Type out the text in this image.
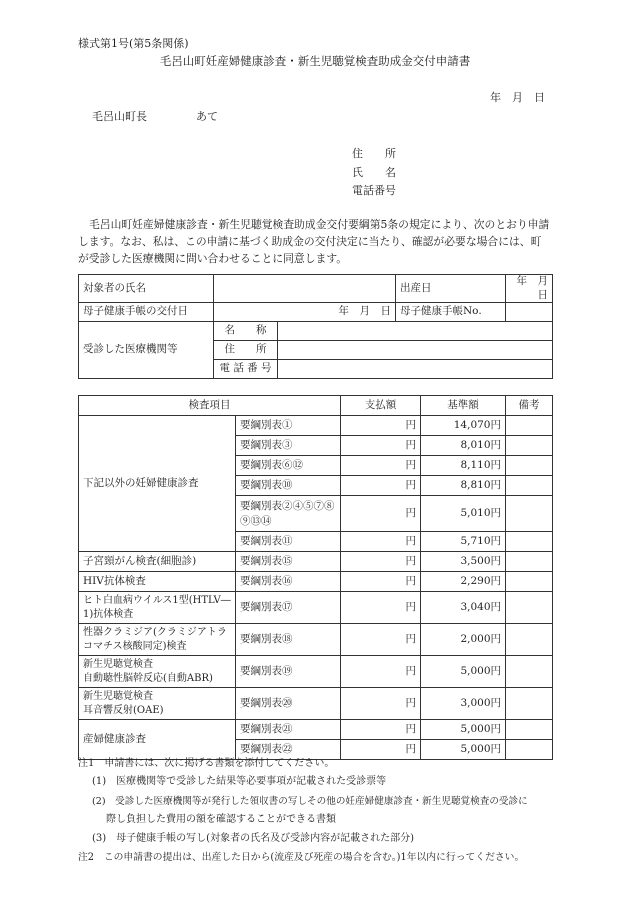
様式第1号(第5条関係)
毛呂山町妊産婦健康診査・新生児聴覚検査助成金交付申請書
年　月　日
毛呂山町長	あて
住　　所
氏　　名
電話番号
毛呂山町妊産婦健康診査・新生児聴覚検査助成金交付要綱第5条の規定により、次のとおり申請します。なお、私は、この申請に基づく助成金の交付決定に当たり、確認が必要な場合には、町が受診した医療機関に問い合わせることに同意します。
対象者の氏名			出産日	年　月　日
母子健康手帳の交付日	年　月　日		母子健康手帳No.	
受診した医療機関等	名　　称			
	住　　所			
	電 話 番 号			
検査項目		支払額	基準額	備考
下記以外の妊婦健康診査	要綱別表①	円	14,070円	
	要綱別表③	円	8,010円	
	要綱別表⑥⑫	円	8,110円	
	要綱別表⑩	円	8,810円	
	要綱別表②④⑤⑦⑧⑨⑬⑭	円	5,010円	
	要綱別表⑪	円	5,710円	
子宮頸がん検査(細胞診)	要綱別表⑮	円	3,500円	
HIV抗体検査	要綱別表⑯	円	2,290円	
ヒト白血病ウイルス1型(HTLV―1)抗体検査	要綱別表⑰	円	3,040円	
性器クラミジア(クラミジアトラコマチス核酸同定)検査	要綱別表⑱	円	2,000円	
新生児聴覚検査
自動聴性脳幹反応(自動ABR)	要綱別表⑲	円	5,000円	
新生児聴覚検査
耳音響反射(OAE)	要綱別表⑳	円	3,000円	
産婦健康診査	要綱別表㉑	円	5,000円	
	要綱別表㉒	円	5,000円	
注1　申請書には、次に掲げる書類を添付してください。
(1)　医療機関等で受診した結果等必要事項が記載された受診票等
(2)　受診した医療機関等が発行した領収書の写しその他の妊産婦健康診査・新生児聴覚検査の受診に
際し負担した費用の額を確認することができる書類
(3)　母子健康手帳の写し(対象者の氏名及び受診内容が記載された部分)
注2　この申請書の提出は、出産した日から(流産及び死産の場合を含む。)1年以内に行ってください。
